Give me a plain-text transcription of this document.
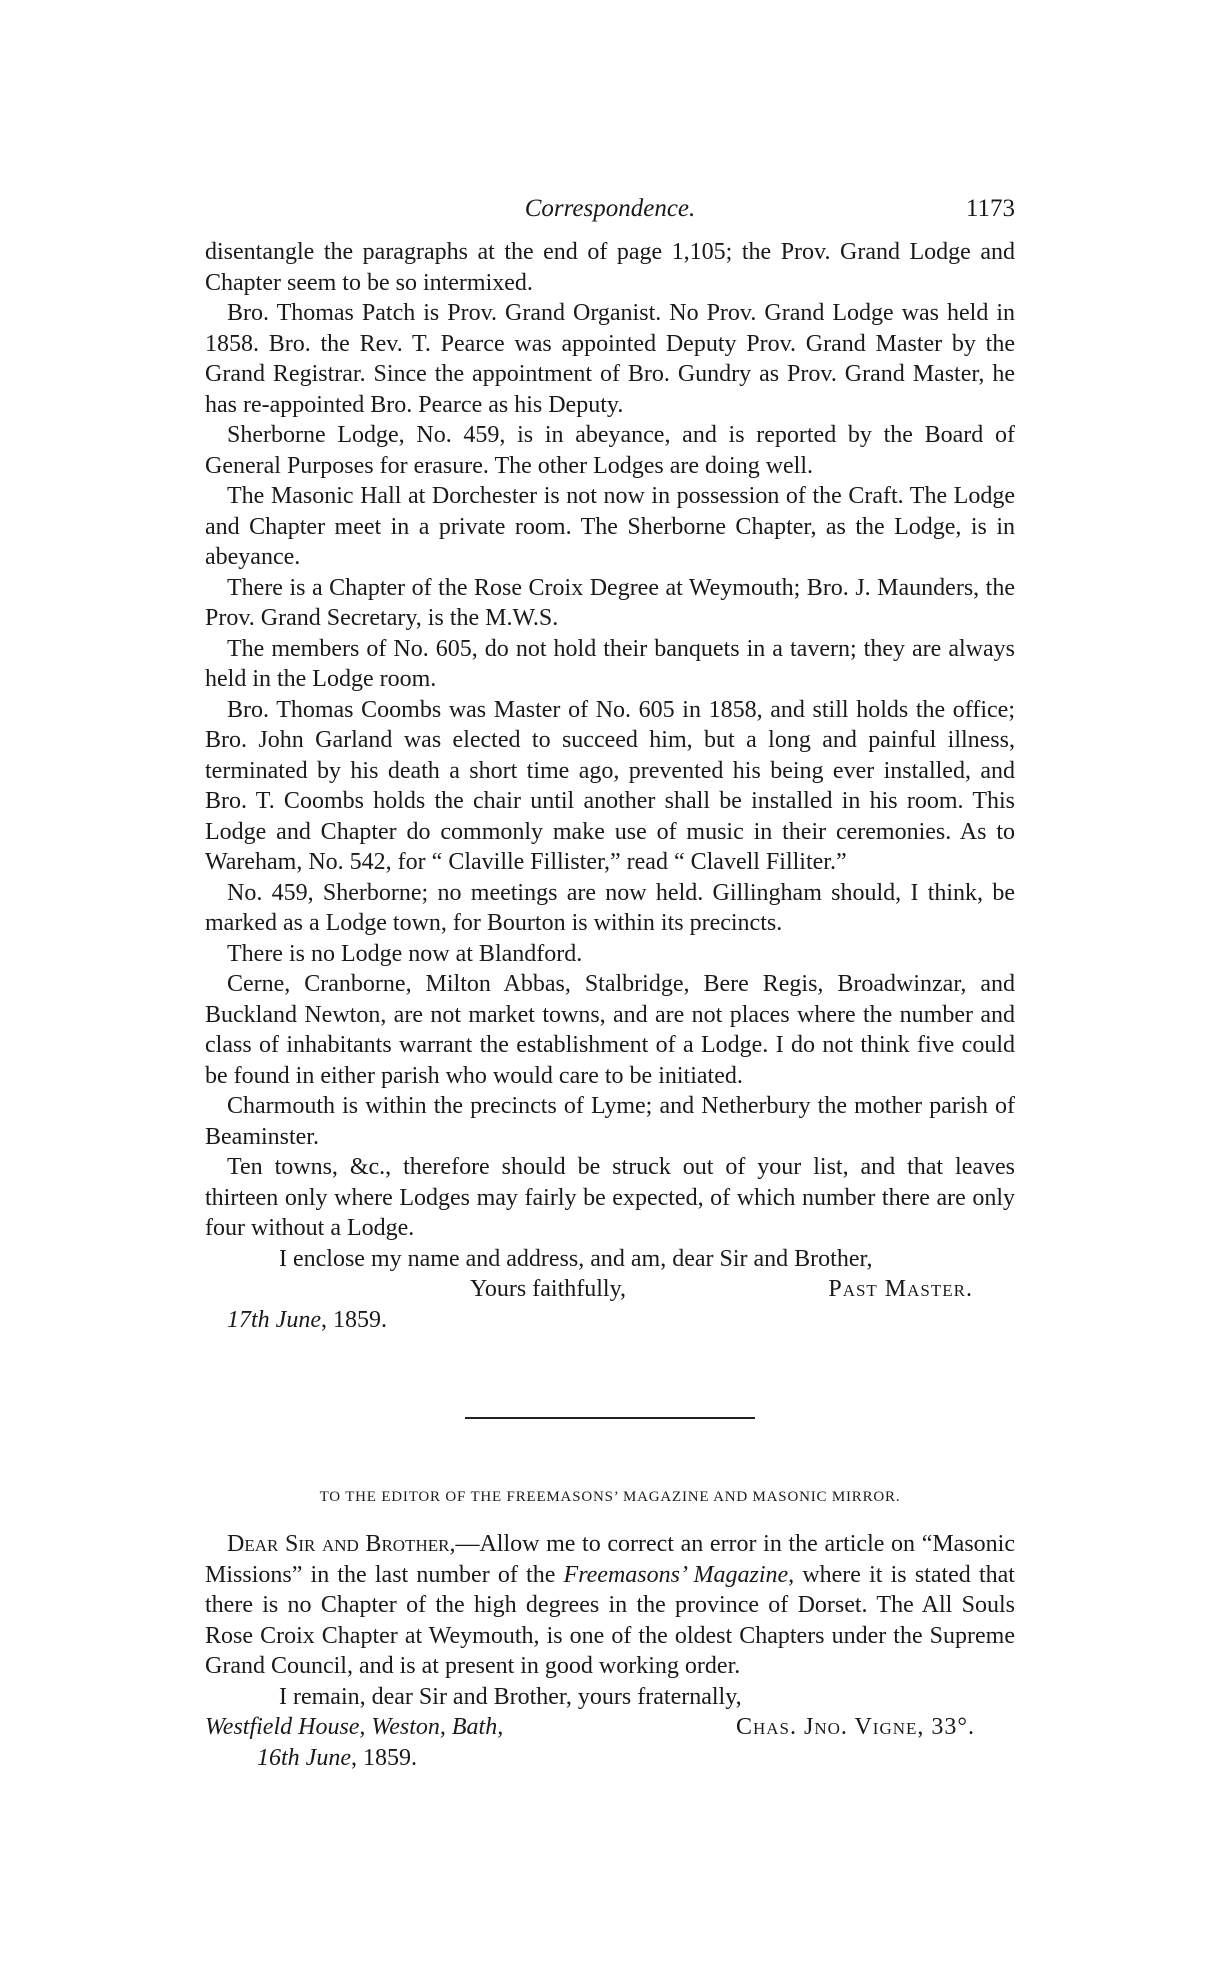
Correspondence.	1173

disentangle the paragraphs at the end of page 1,105; the Prov. Grand Lodge and Chapter seem to be so intermixed.

Bro. Thomas Patch is Prov. Grand Organist. No Prov. Grand Lodge was held in 1858. Bro. the Rev. T. Pearce was appointed Deputy Prov. Grand Master by the Grand Registrar. Since the appointment of Bro. Gundry as Prov. Grand Master, he has re-appointed Bro. Pearce as his Deputy.

Sherborne Lodge, No. 459, is in abeyance, and is reported by the Board of General Purposes for erasure. The other Lodges are doing well.

The Masonic Hall at Dorchester is not now in possession of the Craft. The Lodge and Chapter meet in a private room. The Sherborne Chapter, as the Lodge, is in abeyance.

There is a Chapter of the Rose Croix Degree at Weymouth; Bro. J. Maunders, the Prov. Grand Secretary, is the M.W.S.

The members of No. 605, do not hold their banquets in a tavern; they are always held in the Lodge room.

Bro. Thomas Coombs was Master of No. 605 in 1858, and still holds the office; Bro. John Garland was elected to succeed him, but a long and painful illness, terminated by his death a short time ago, prevented his being ever installed, and Bro. T. Coombs holds the chair until another shall be installed in his room. This Lodge and Chapter do commonly make use of music in their ceremonies. As to Wareham, No. 542, for “ Claville Fillister,” read “ Clavell Filliter.”

No. 459, Sherborne; no meetings are now held. Gillingham should, I think, be marked as a Lodge town, for Bourton is within its precincts.

There is no Lodge now at Blandford.

Cerne, Cranborne, Milton Abbas, Stalbridge, Bere Regis, Broadwinzar, and Buckland Newton, are not market towns, and are not places where the number and class of inhabitants warrant the establishment of a Lodge. I do not think five could be found in either parish who would care to be initiated.

Charmouth is within the precincts of Lyme; and Netherbury the mother parish of Beaminster.

Ten towns, &c., therefore should be struck out of your list, and that leaves thirteen only where Lodges may fairly be expected, of which number there are only four without a Lodge.

I enclose my name and address, and am, dear Sir and Brother,

Yours faithfully,	Past Master.
17th June, 1859.
TO THE EDITOR OF THE FREEMASONS’ MAGAZINE AND MASONIC MIRROR.

Dear Sir and Brother,—Allow me to correct an error in the article on “Masonic Missions” in the last number of the Freemasons’ Magazine, where it is stated that there is no Chapter of the high degrees in the province of Dorset. The All Souls Rose Croix Chapter at Weymouth, is one of the oldest Chapters under the Supreme Grand Council, and is at present in good working order.

I remain, dear Sir and Brother, yours fraternally,

Westfield House, Weston, Bath,	Chas. Jno. Vigne, 33°.
16th June, 1859.
